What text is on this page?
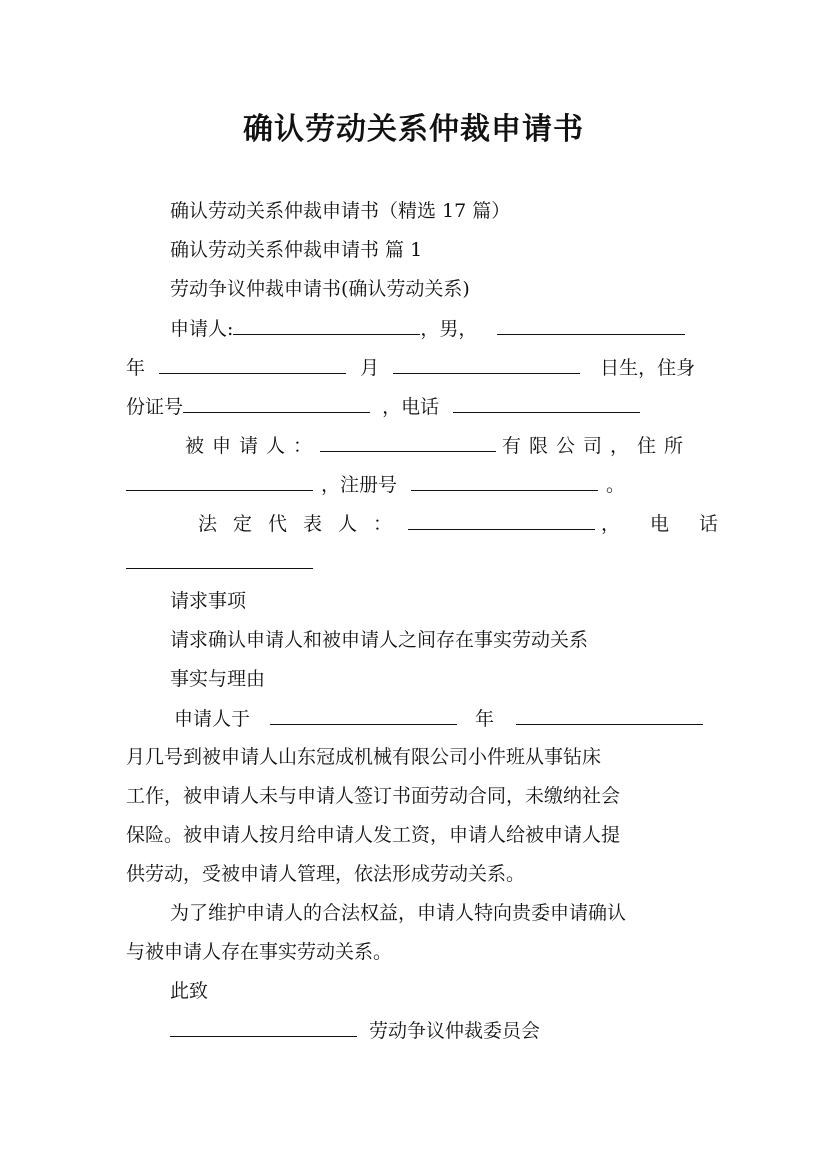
确认劳动关系仲裁申请书
确认劳动关系仲裁申请书（精选 17 篇）
确认劳动关系仲裁申请书 篇 1
劳动争议仲裁申请书(确认劳动关系)
申请人:	，男，
年	月	日生，住身
份证号	，电话
被申请人：	有限公司，住所
，注册号	。
法定代表人：	，电话
请求事项
请求确认申请人和被申请人之间存在事实劳动关系
事实与理由
申请人于	年
月几号到被申请人山东冠成机械有限公司小件班从事钻床
工作，被申请人未与申请人签订书面劳动合同，未缴纳社会
保险。被申请人按月给申请人发工资，申请人给被申请人提
供劳动，受被申请人管理，依法形成劳动关系。
为了维护申请人的合法权益，申请人特向贵委申请确认
与被申请人存在事实劳动关系。
此致
劳动争议仲裁委员会
